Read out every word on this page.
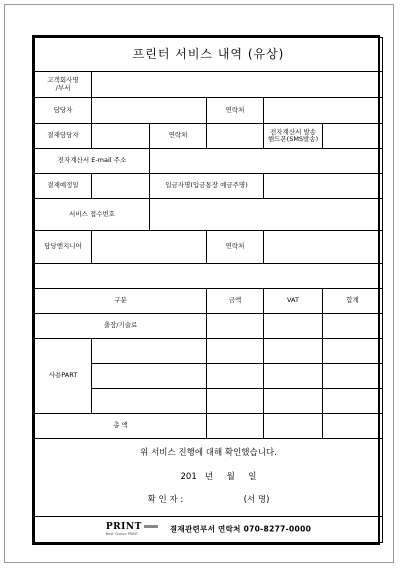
프린터 서비스 내역 (유상)					
고객회사명
/부서					
담당자			연락처		
결재담당자		연락처		전자계산서 발송
핸드폰(SMS발송)	
전자계산서 E-mail 주소					
결재예정일		입금자명(입금통장 예금주명)			
서비스 접수번호					
담당엔지니어			연락처		

구분			금액	VAT	합계
출장/기술료					
사용PART					

총 액					

위 서비스 진행에 대해 확인했습니다.
201   년     월     일
확 인 자 : (서 명)					

PRINT
Best Choice PRINT
결재관련부서 연락처 070-8277-0000					
